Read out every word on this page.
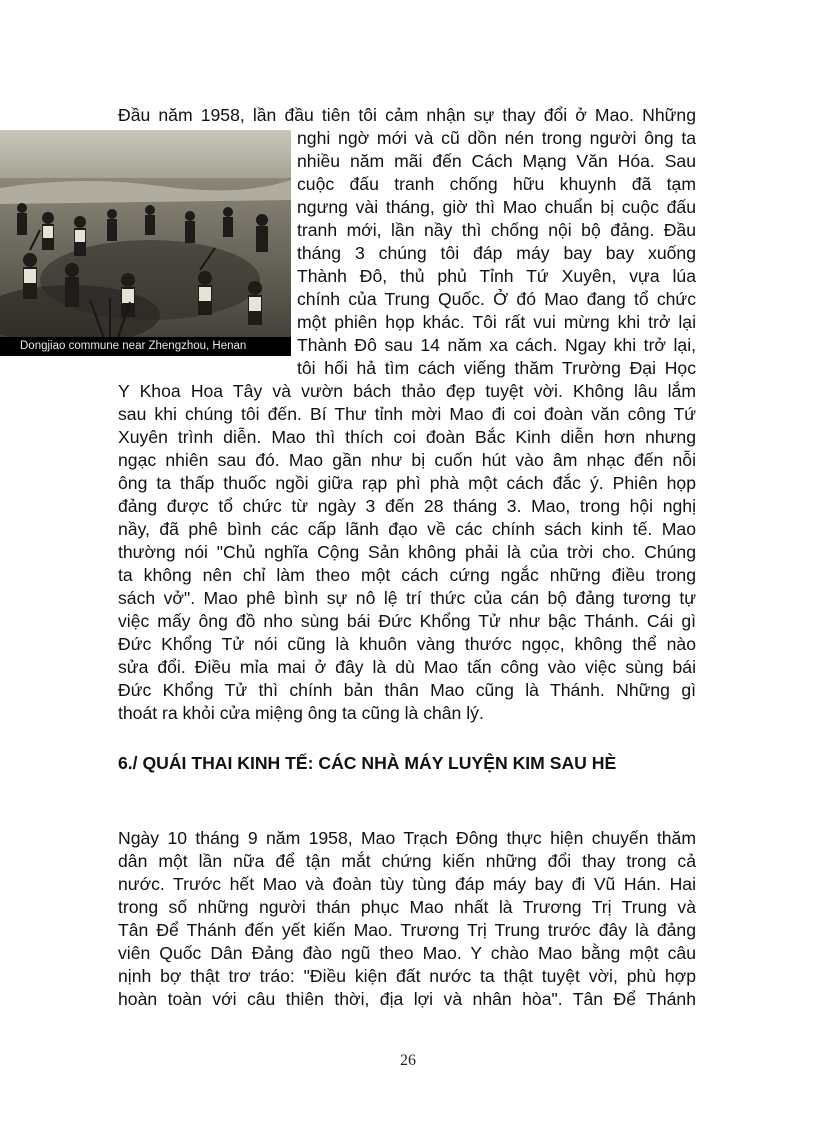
Dongjiao commune near Zhengzhou, Henan
Đầu năm 1958, lần đầu tiên tôi cảm nhận sự thay đổi ở Mao. Những
nghi ngờ mới và cũ dồn nén trong người ông ta
nhiều năm mãi đến Cách Mạng Văn Hóa. Sau
cuộc đấu tranh chống hữu khuynh đã tạm
ngưng vài tháng, giờ thì Mao chuẩn bị cuộc đấu
tranh mới, lần nầy thì chống nội bộ đảng. Đầu
tháng 3 chúng tôi đáp máy bay bay xuống
Thành Đô, thủ phủ Tỉnh Tứ Xuyên, vựa lúa
chính của Trung Quốc. Ở đó Mao đang tổ chức
một phiên họp khác. Tôi rất vui mừng khi trở lại
Thành Đô sau 14 năm xa cách. Ngay khi trở lại,
tôi hối hả tìm cách viếng thăm Trường Đại Học
Y Khoa Hoa Tây và vườn bách thảo đẹp tuyệt vời. Không lâu lắm
sau khi chúng tôi đến. Bí Thư tỉnh mời Mao đi coi đoàn văn công Tứ
Xuyên trình diễn. Mao thì thích coi đoàn Bắc Kinh diễn hơn nhưng
ngạc nhiên sau đó. Mao gần như bị cuốn hút vào âm nhạc đến nỗi
ông ta thấp thuốc ngồi giữa rạp phì phà một cách đắc ý. Phiên họp
đảng được tổ chức từ ngày 3 đến 28 tháng 3. Mao, trong hội nghị
nầy, đã phê bình các cấp lãnh đạo về các chính sách kinh tế. Mao
thường nói "Chủ nghĩa Cộng Sản không phải là của trời cho. Chúng
ta không nên chỉ làm theo một cách cứng ngắc những điều trong
sách vở". Mao phê bình sự nô lệ trí thức của cán bộ đảng tương tự
việc mấy ông đồ nho sùng bái Đức Khổng Tử như bậc Thánh. Cái gì
Đức Khổng Tử nói cũng là khuôn vàng thước ngọc, không thể nào
sửa đổi. Điều mỉa mai ở đây là dù Mao tấn công vào việc sùng bái
Đức Khổng Tử thì chính bản thân Mao cũng là Thánh. Những gì
thoát ra khỏi cửa miệng ông ta cũng là chân lý.
6./ QUÁI THAI KINH TẾ: CÁC NHÀ MÁY LUYỆN KIM SAU HÈ
Ngày 10 tháng 9 năm 1958, Mao Trạch Đông thực hiện chuyến thăm
dân một lần nữa để tận mắt chứng kiến những đổi thay trong cả
nước. Trước hết Mao và đoàn tùy tùng đáp máy bay đi Vũ Hán. Hai
trong số những người thán phục Mao nhất là Trương Trị Trung và
Tân Để Thánh đến yết kiến Mao. Trương Trị Trung trước đây là đảng
viên Quốc Dân Đảng đào ngũ theo Mao. Y chào Mao bằng một câu
nịnh bợ thật trơ tráo: "Điều kiện đất nước ta thật tuyệt vời, phù hợp
hoàn toàn với câu thiên thời, địa lợi và nhân hòa". Tân Để Thánh
26
